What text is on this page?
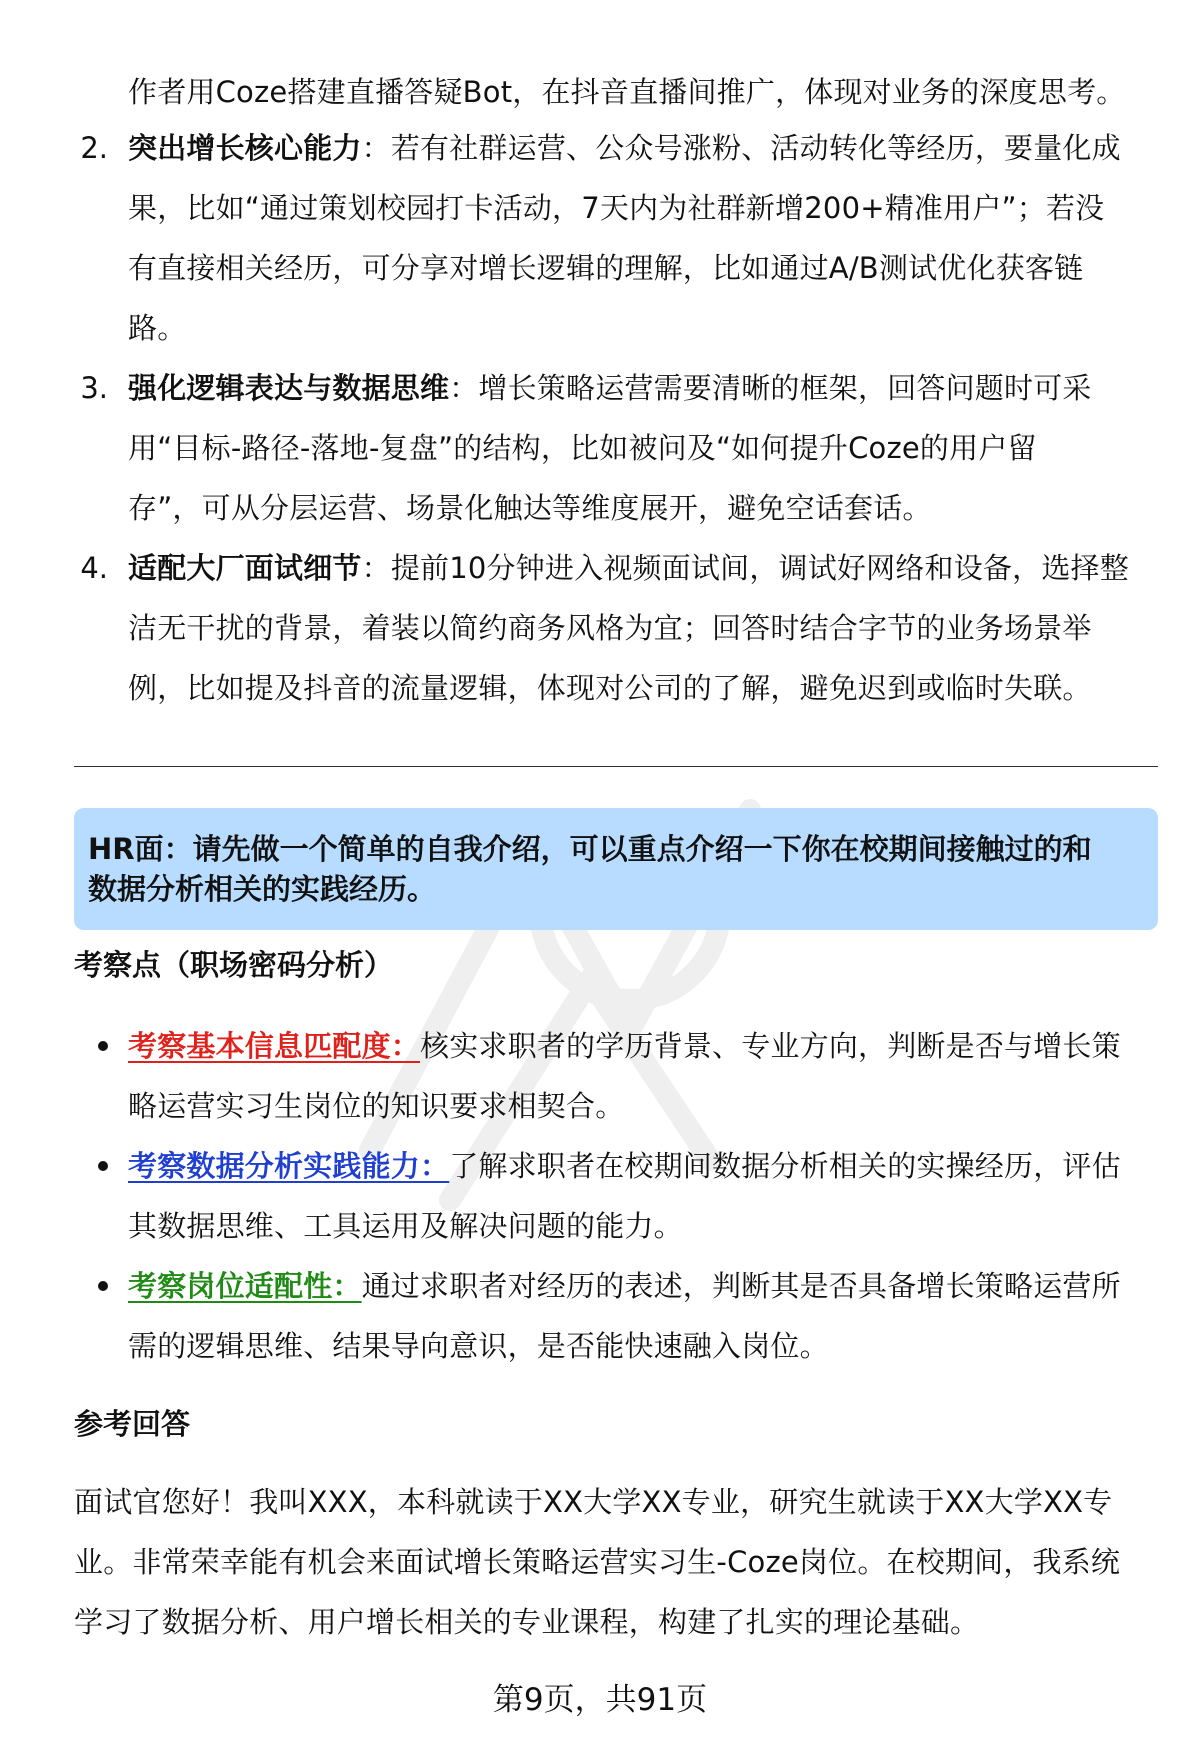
作者用Coze搭建直播答疑Bot，在抖音直播间推广，体现对业务的深度思考。
2. 突出增长核心能力：若有社群运营、公众号涨粉、活动转化等经历，要量化成
果，比如“通过策划校园打卡活动，7天内为社群新增200+精准用户”；若没
有直接相关经历，可分享对增长逻辑的理解，比如通过A/B测试优化获客链
路。
3. 强化逻辑表达与数据思维：增长策略运营需要清晰的框架，回答问题时可采
用“目标-路径-落地-复盘”的结构，比如被问及“如何提升Coze的用户留
存”，可从分层运营、场景化触达等维度展开，避免空话套话。
4. 适配大厂面试细节：提前10分钟进入视频面试间，调试好网络和设备，选择整
洁无干扰的背景，着装以简约商务风格为宜；回答时结合字节的业务场景举
例，比如提及抖音的流量逻辑，体现对公司的了解，避免迟到或临时失联。
HR面：请先做一个简单的自我介绍，可以重点介绍一下你在校期间接触过的和
数据分析相关的实践经历。
考察点（职场密码分析）
考察基本信息匹配度：核实求职者的学历背景、专业方向，判断是否与增长策
略运营实习生岗位的知识要求相契合。
考察数据分析实践能力：了解求职者在校期间数据分析相关的实操经历，评估
其数据思维、工具运用及解决问题的能力。
考察岗位适配性：通过求职者对经历的表述，判断其是否具备增长策略运营所
需的逻辑思维、结果导向意识，是否能快速融入岗位。
参考回答
面试官您好！我叫XXX，本科就读于XX大学XX专业，研究生就读于XX大学XX专
业。非常荣幸能有机会来面试增长策略运营实习生-Coze岗位。在校期间，我系统
学习了数据分析、用户增长相关的专业课程，构建了扎实的理论基础。
第9页，共91页
